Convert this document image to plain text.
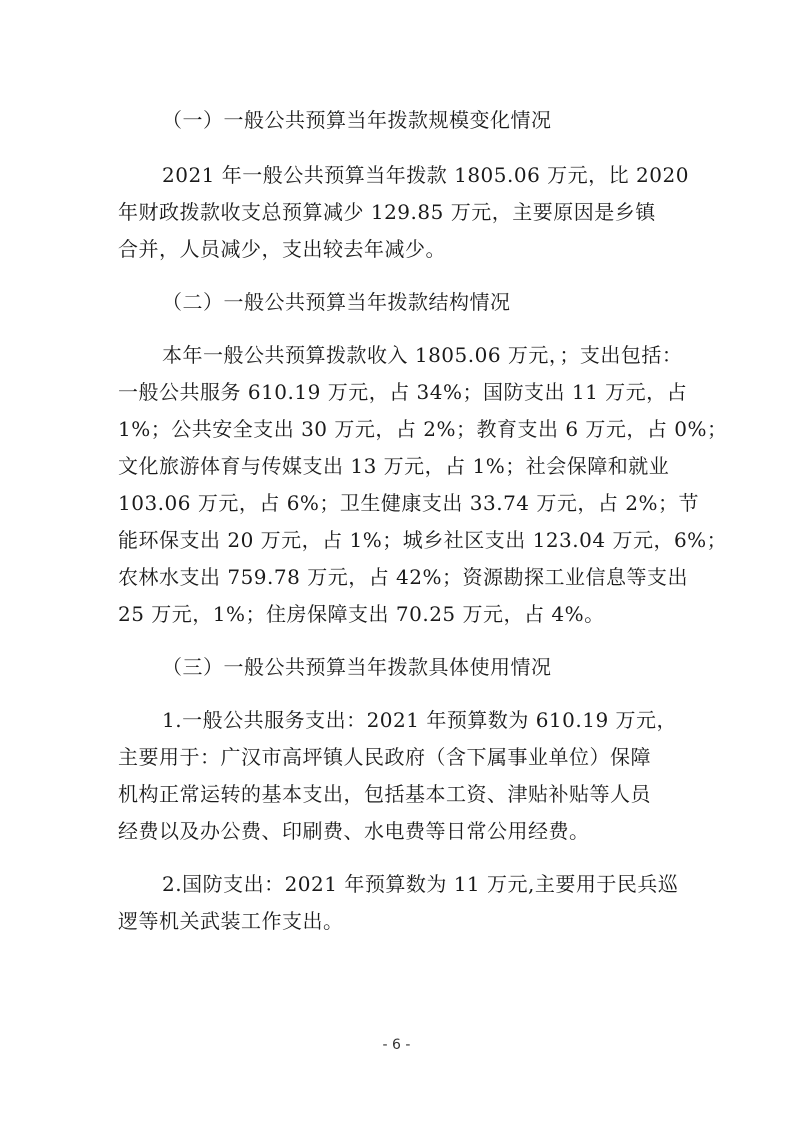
（一）一般公共预算当年拨款规模变化情况
2021 年一般公共预算当年拨款 1805.06 万元，比 2020
年财政拨款收支总预算减少 129.85 万元，主要原因是乡镇
合并，人员减少，支出较去年减少。
（二）一般公共预算当年拨款结构情况
本年一般公共预算拨款收入 1805.06 万元，；支出包括：
一般公共服务 610.19 万元，占 34%；国防支出 11 万元，占
1%；公共安全支出 30 万元，占 2%；教育支出 6 万元，占 0%；
文化旅游体育与传媒支出 13 万元，占 1%；社会保障和就业
103.06 万元，占 6%；卫生健康支出 33.74 万元，占 2%；节
能环保支出 20 万元，占 1%；城乡社区支出 123.04 万元，6%；
农林水支出 759.78 万元，占 42%；资源勘探工业信息等支出
25 万元，1%；住房保障支出 70.25 万元，占 4%。
（三）一般公共预算当年拨款具体使用情况
1.一般公共服务支出：2021 年预算数为 610.19 万元，
主要用于：广汉市高坪镇人民政府（含下属事业单位）保障
机构正常运转的基本支出，包括基本工资、津贴补贴等人员
经费以及办公费、印刷费、水电费等日常公用经费。
2.国防支出：2021 年预算数为 11 万元,主要用于民兵巡
逻等机关武装工作支出。
- 6 -
